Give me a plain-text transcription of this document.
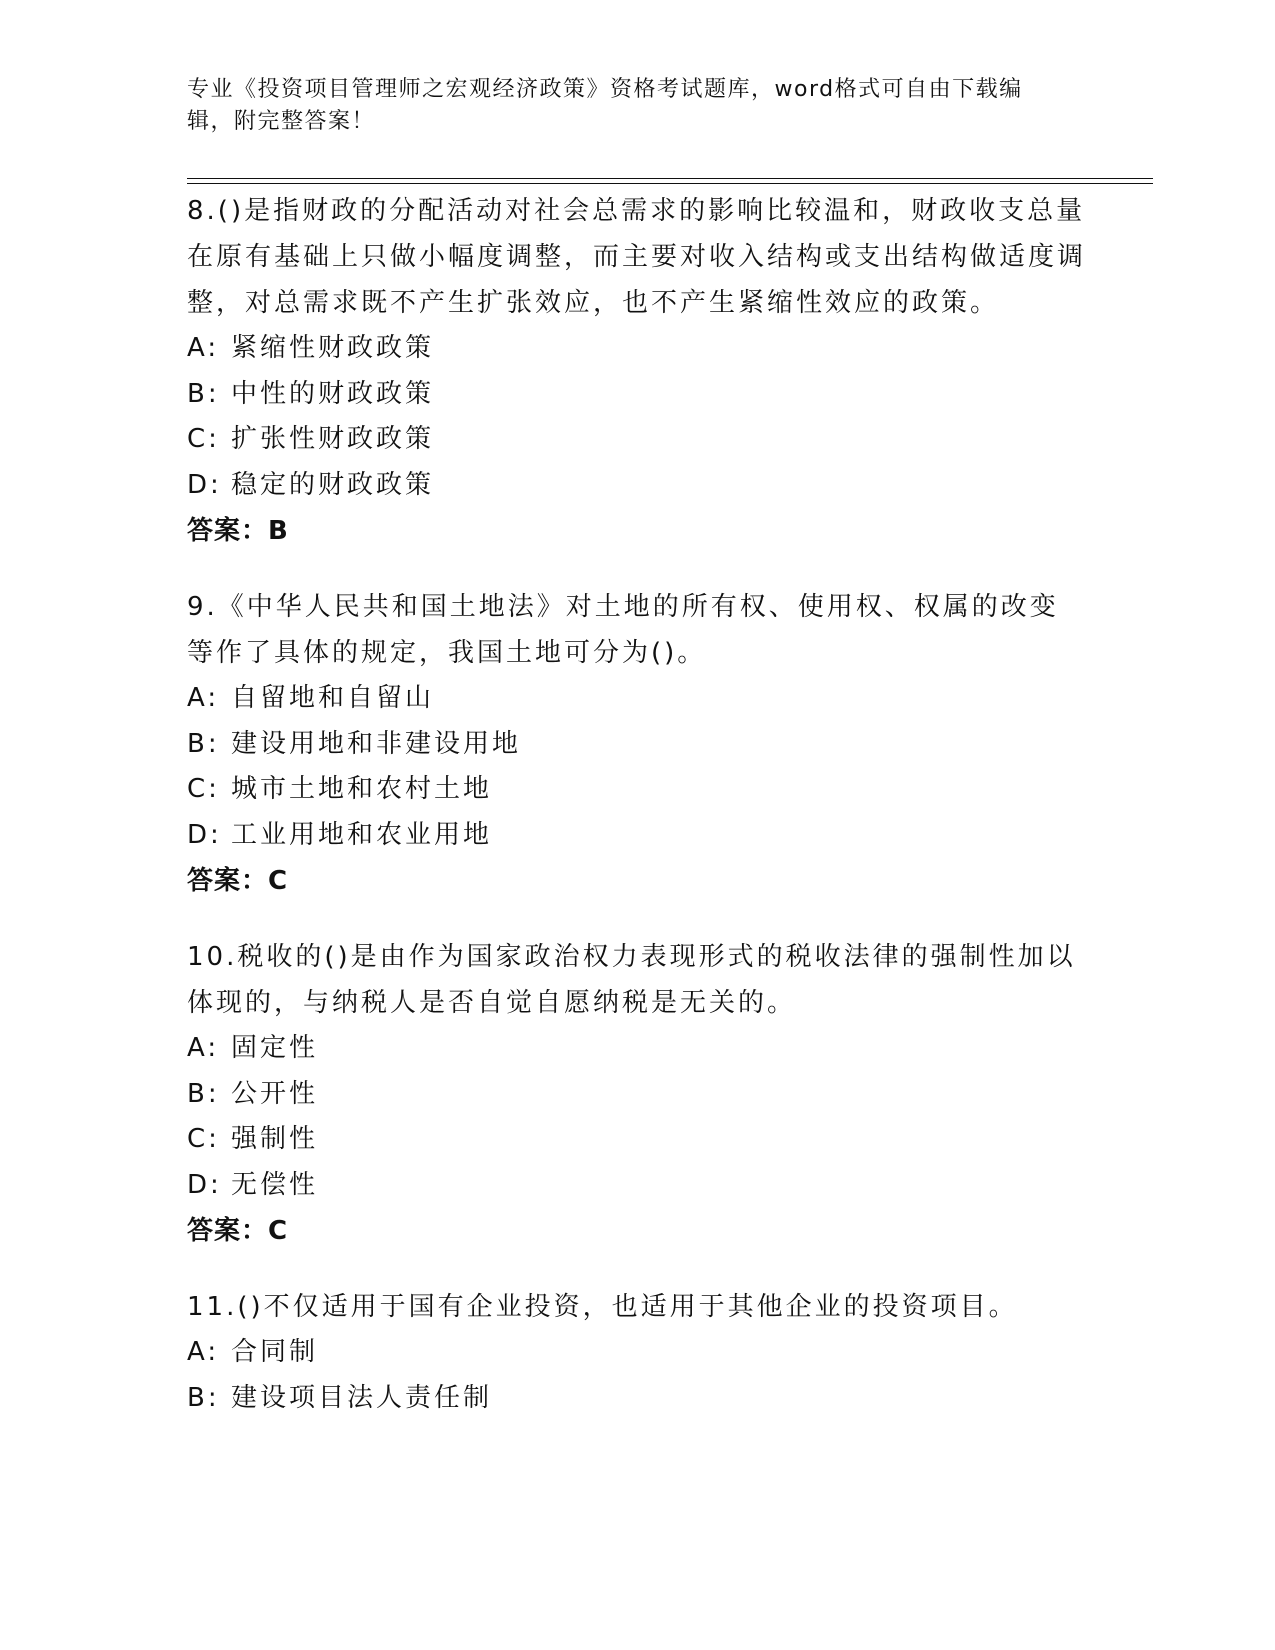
专业《投资项目管理师之宏观经济政策》资格考试题库，word格式可自由下载编辑，附完整答案！

8.()是指财政的分配活动对社会总需求的影响比较温和，财政收支总量在原有基础上只做小幅度调整，而主要对收入结构或支出结构做适度调整，对总需求既不产生扩张效应，也不产生紧缩性效应的政策。

A: 紧缩性财政政策

B: 中性的财政政策

C: 扩张性财政政策

D: 稳定的财政政策

答案：B

9.《中华人民共和国土地法》对土地的所有权、使用权、权属的改变等作了具体的规定，我国土地可分为()。

A: 自留地和自留山

B: 建设用地和非建设用地

C: 城市土地和农村土地

D: 工业用地和农业用地

答案：C

10.税收的()是由作为国家政治权力表现形式的税收法律的强制性加以体现的，与纳税人是否自觉自愿纳税是无关的。

A: 固定性

B: 公开性

C: 强制性

D: 无偿性

答案：C

11.()不仅适用于国有企业投资，也适用于其他企业的投资项目。

A: 合同制

B: 建设项目法人责任制
